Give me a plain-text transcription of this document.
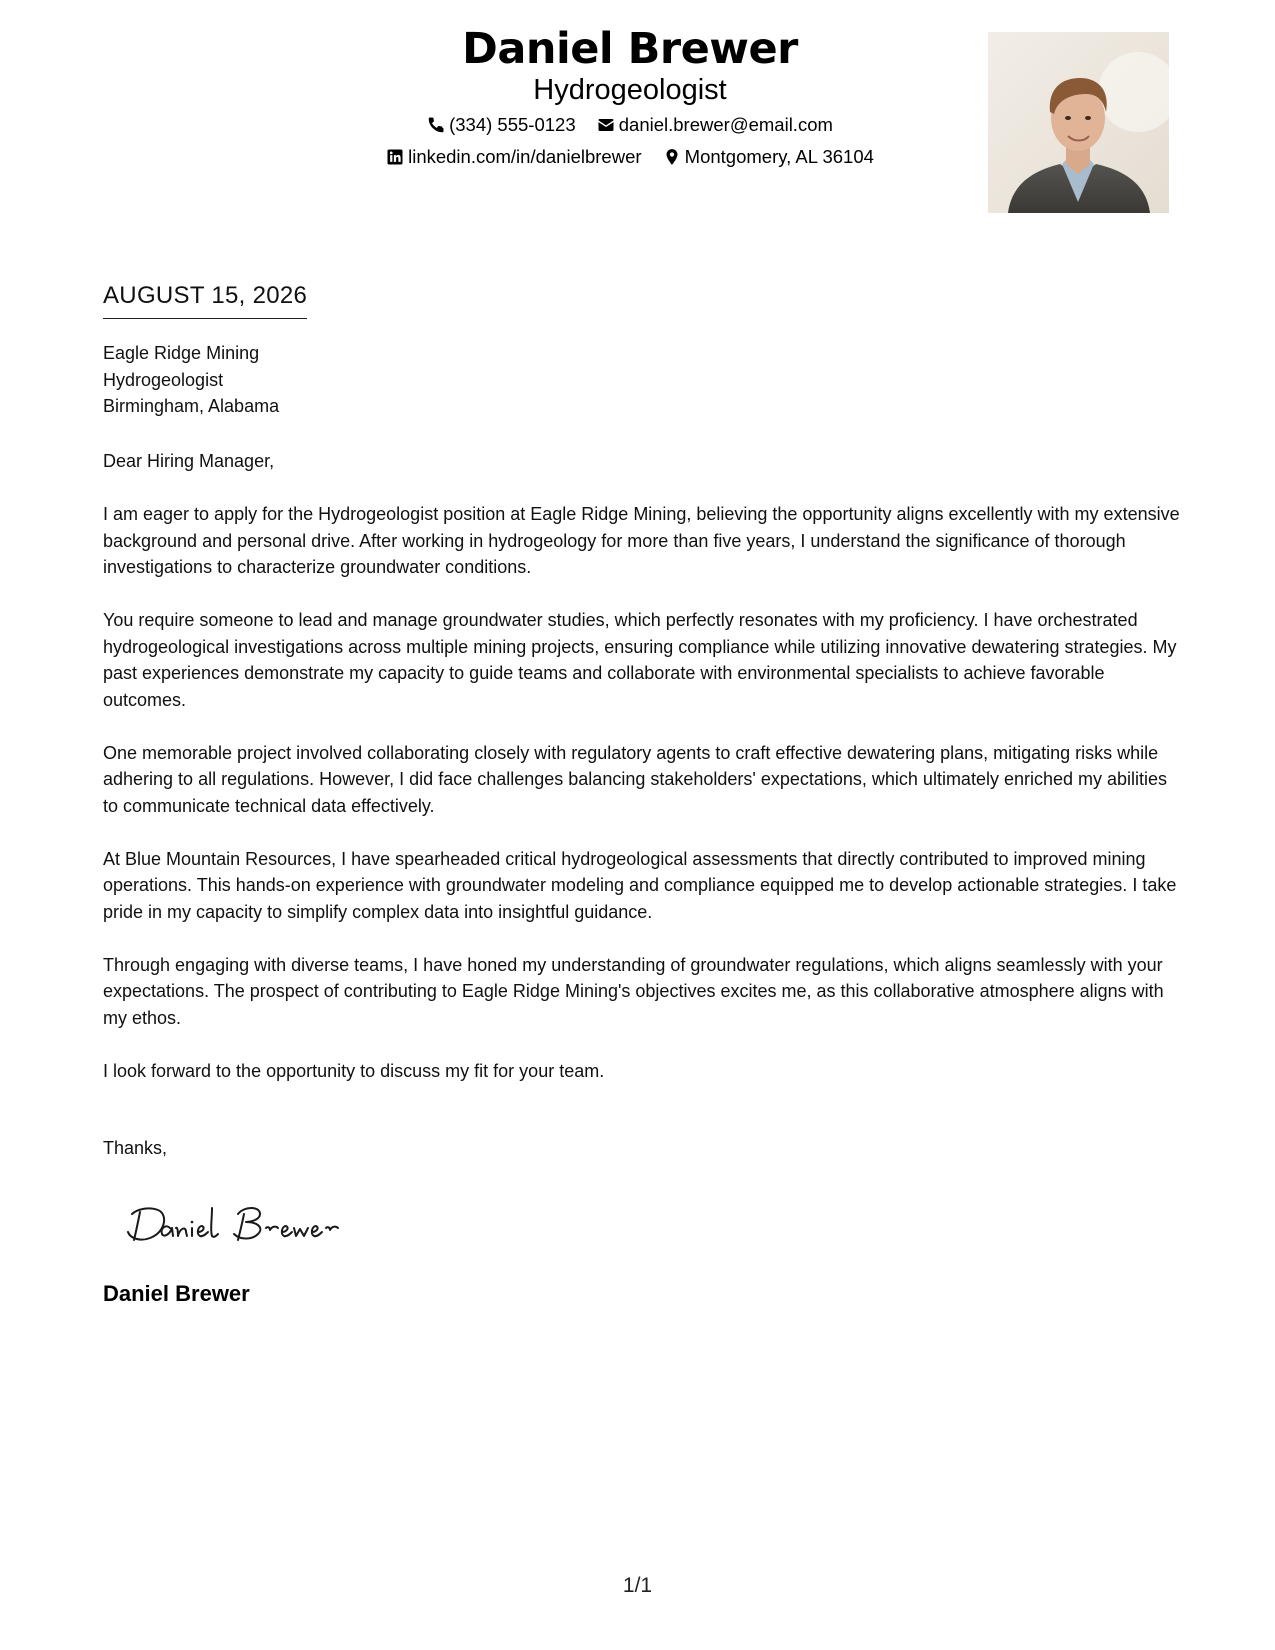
Daniel Brewer
Hydrogeologist
(334) 555-0123
daniel.brewer@email.com
linkedin.com/in/danielbrewer
Montgomery, AL 36104
AUGUST 15, 2026
Eagle Ridge Mining
Hydrogeologist
Birmingham, Alabama

Dear Hiring Manager,

I am eager to apply for the Hydrogeologist position at Eagle Ridge Mining, believing the opportunity aligns excellently with my extensive background and personal drive. After working in hydrogeology for more than five years, I understand the significance of thorough investigations to characterize groundwater conditions.

You require someone to lead and manage groundwater studies, which perfectly resonates with my proficiency. I have orchestrated hydrogeological investigations across multiple mining projects, ensuring compliance while utilizing innovative dewatering strategies. My past experiences demonstrate my capacity to guide teams and collaborate with environmental specialists to achieve favorable outcomes.

One memorable project involved collaborating closely with regulatory agents to craft effective dewatering plans, mitigating risks while adhering to all regulations. However, I did face challenges balancing stakeholders' expectations, which ultimately enriched my abilities to communicate technical data effectively.

At Blue Mountain Resources, I have spearheaded critical hydrogeological assessments that directly contributed to improved mining operations. This hands-on experience with groundwater modeling and compliance equipped me to develop actionable strategies. I take pride in my capacity to simplify complex data into insightful guidance.

Through engaging with diverse teams, I have honed my understanding of groundwater regulations, which aligns seamlessly with your expectations. The prospect of contributing to Eagle Ridge Mining's objectives excites me, as this collaborative atmosphere aligns with my ethos.

I look forward to the opportunity to discuss my fit for your team.

Thanks,
Daniel Brewer
1/1
